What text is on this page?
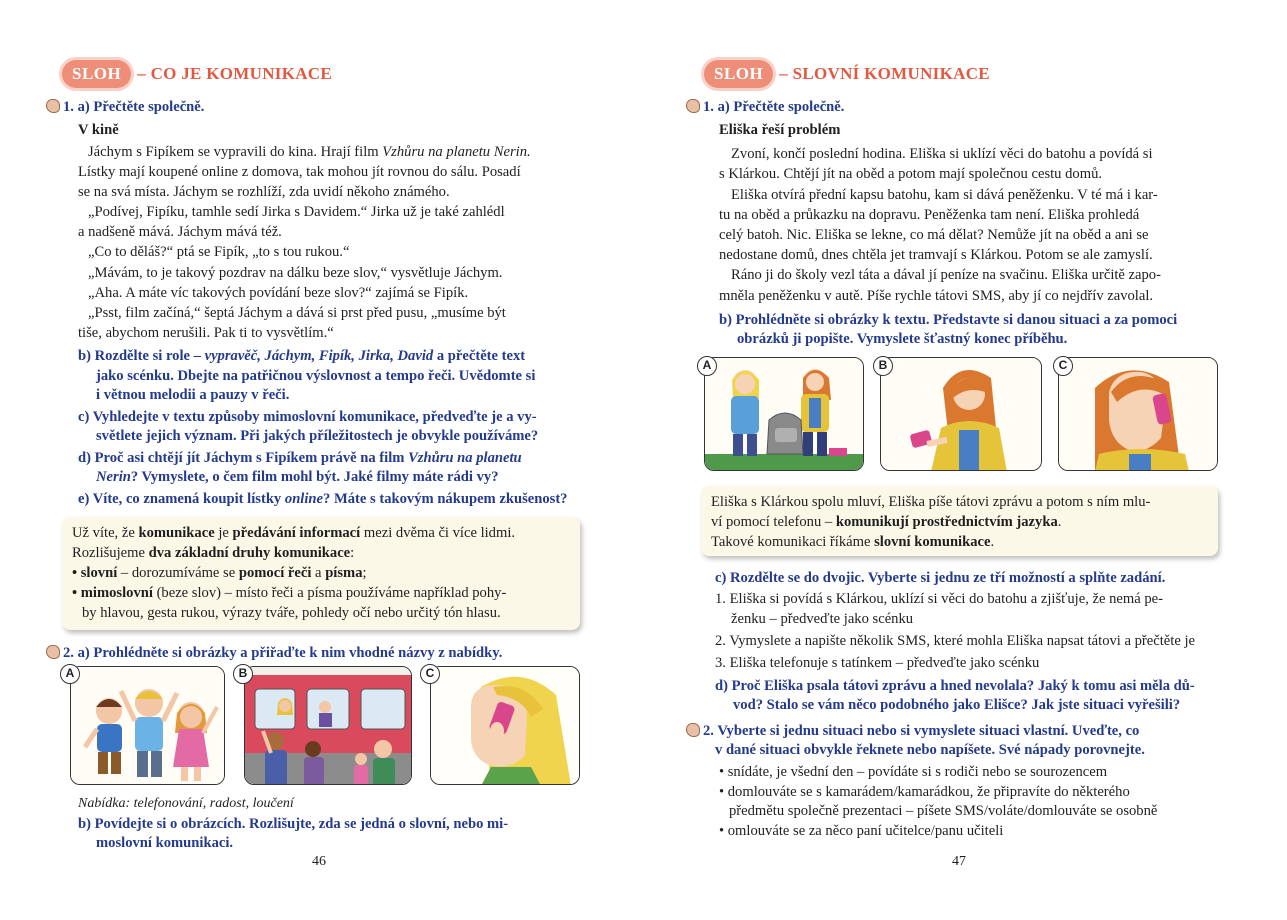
SLOH – CO JE KOMUNIKACE
1. a) Přečtěte společně.
V kině
Jáchym s Fipíkem se vypravili do kina. Hrají film Vzhůru na planetu Nerin.
Lístky mají koupené online z domova, tak mohou jít rovnou do sálu. Posadí
se na svá místa. Jáchym se rozhlíží, zda uvidí někoho známého.
„Podívej, Fipíku, tamhle sedí Jirka s Davidem.“ Jirka už je také zahlédl
a nadšeně mává. Jáchym mává též.
„Co to děláš?“ ptá se Fipík, „to s tou rukou.“
„Mávám, to je takový pozdrav na dálku beze slov,“ vysvětluje Jáchym.
„Aha. A máte víc takových povídání beze slov?“ zajímá se Fipík.
„Psst, film začíná,“ šeptá Jáchym a dává si prst před pusu, „musíme být
tiše, abychom nerušili. Pak ti to vysvětlím.“
b) Rozdělte si role – vypravěč, Jáchym, Fipík, Jirka, David a přečtěte text
jako scénku. Dbejte na patřičnou výslovnost a tempo řeči. Uvědomte si
i větnou melodii a pauzy v řeči.
c) Vyhledejte v textu způsoby mimoslovní komunikace, předveďte je a vy-
světlete jejich význam. Při jakých příležitostech je obvykle používáme?
d) Proč asi chtějí jít Jáchym s Fipíkem právě na film Vzhůru na planetu
Nerin? Vymyslete, o čem film mohl být. Jaké filmy máte rádi vy?
e) Víte, co znamená koupit lístky online? Máte s takovým nákupem zkušenost?
Už víte, že komunikace je předávání informací mezi dvěma či více lidmi.
Rozlišujeme dva základní druhy komunikace:
• slovní – dorozumíváme se pomocí řeči a písma;
• mimoslovní (beze slov) – místo řeči a písma používáme například pohy-
by hlavou, gesta rukou, výrazy tváře, pohledy očí nebo určitý tón hlasu.
2. a) Prohlédněte si obrázky a přiřaďte k nim vhodné názvy z nabídky.
A	B	C
Nabídka: telefonování, radost, loučení
b) Povídejte si o obrázcích. Rozlišujte, zda se jedná o slovní, nebo mi-
moslovní komunikaci.
46
SLOH – SLOVNÍ KOMUNIKACE
1. a) Přečtěte společně.
Eliška řeší problém
Zvoní, končí poslední hodina. Eliška si uklízí věci do batohu a povídá si
s Klárkou. Chtějí jít na oběd a potom mají společnou cestu domů.
Eliška otvírá přední kapsu batohu, kam si dává peněženku. V té má i kar-
tu na oběd a průkazku na dopravu. Peněženka tam není. Eliška prohledá
celý batoh. Nic. Eliška se lekne, co má dělat? Nemůže jít na oběd a ani se
nedostane domů, dnes chtěla jet tramvají s Klárkou. Potom se ale zamyslí.
Ráno ji do školy vezl táta a dával jí peníze na svačinu. Eliška určitě zapo-
mněla peněženku v autě. Píše rychle tátovi SMS, aby jí co nejdřív zavolal.
b) Prohlédněte si obrázky k textu. Představte si danou situaci a za pomoci
obrázků ji popište. Vymyslete šťastný konec příběhu.
A	B	C
Eliška s Klárkou spolu mluví, Eliška píše tátovi zprávu a potom s ním mlu-
ví pomocí telefonu – komunikují prostřednictvím jazyka.
Takové komunikaci říkáme slovní komunikace.
c) Rozdělte se do dvojic. Vyberte si jednu ze tří možností a splňte zadání.
1. Eliška si povídá s Klárkou, uklízí si věci do batohu a zjišťuje, že nemá pe-
ženku – předveďte jako scénku
2. Vymyslete a napište několik SMS, které mohla Eliška napsat tátovi a přečtěte je
3. Eliška telefonuje s tatínkem – předveďte jako scénku
d) Proč Eliška psala tátovi zprávu a hned nevolala? Jaký k tomu asi měla dů-
vod? Stalo se vám něco podobného jako Elišce? Jak jste situaci vyřešili?
2. Vyberte si jednu situaci nebo si vymyslete situaci vlastní. Uveďte, co
v dané situaci obvykle řeknete nebo napíšete. Své nápady porovnejte.
• snídáte, je všední den – povídáte si s rodiči nebo se sourozencem
• domlouváte se s kamarádem/kamarádkou, že připravíte do některého
předmětu společně prezentaci – píšete SMS/voláte/domlouváte se osobně
• omlouváte se za něco paní učitelce/panu učiteli
47
